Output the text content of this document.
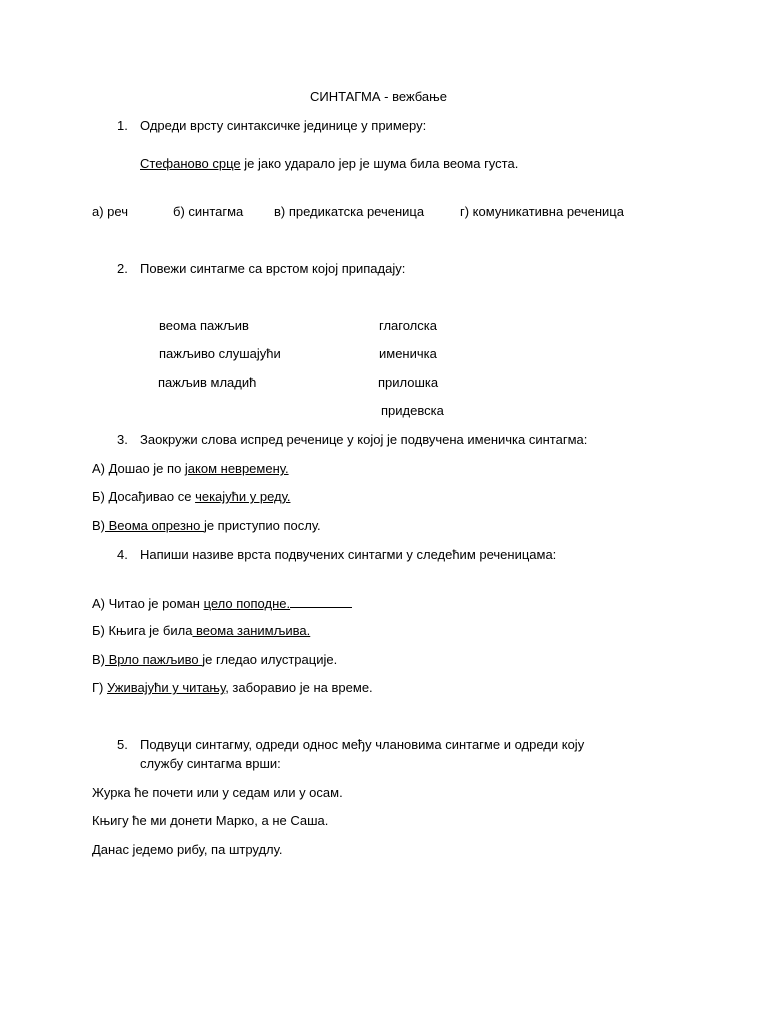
СИНТАГМА - вежбање
1. Одреди врсту синтаксичке јединице у примеру:
Стефаново срце је јако ударало јер је шума била веома густа.
а) реч	б) синтагма в) предикатска реченица	г) комуникативна реченица
2. Повежи синтагме са врстом којој припадају:
веома пажљив
пажљиво слушајући
пажљив младић
глаголска
именичка
прилошка
придевска
3. Заокружи слова испред реченице у којој је подвучена именичка синтагма:
А) Дошао је по јаком невремену.
Б) Досађивао се чекајући у реду.
В) Веома опрезно је приступио послу.
4. Напиши називе врста подвучених синтагми у следећим реченицама:
А) Читао је роман цело поподне.
Б) Књига је била веома занимљива.
В) Врло пажљиво је гледао илустрације.
Г) Уживајући у читању, заборавио је на време.
5. Подвуци синтагму, одреди однос међу члановима синтагме и одреди коју
службу синтагма врши:
Журка ће почети или у седам или у осам.
Књигу ће ми донети Марко, а не Саша.
Данас једемо рибу, па штрудлу.
